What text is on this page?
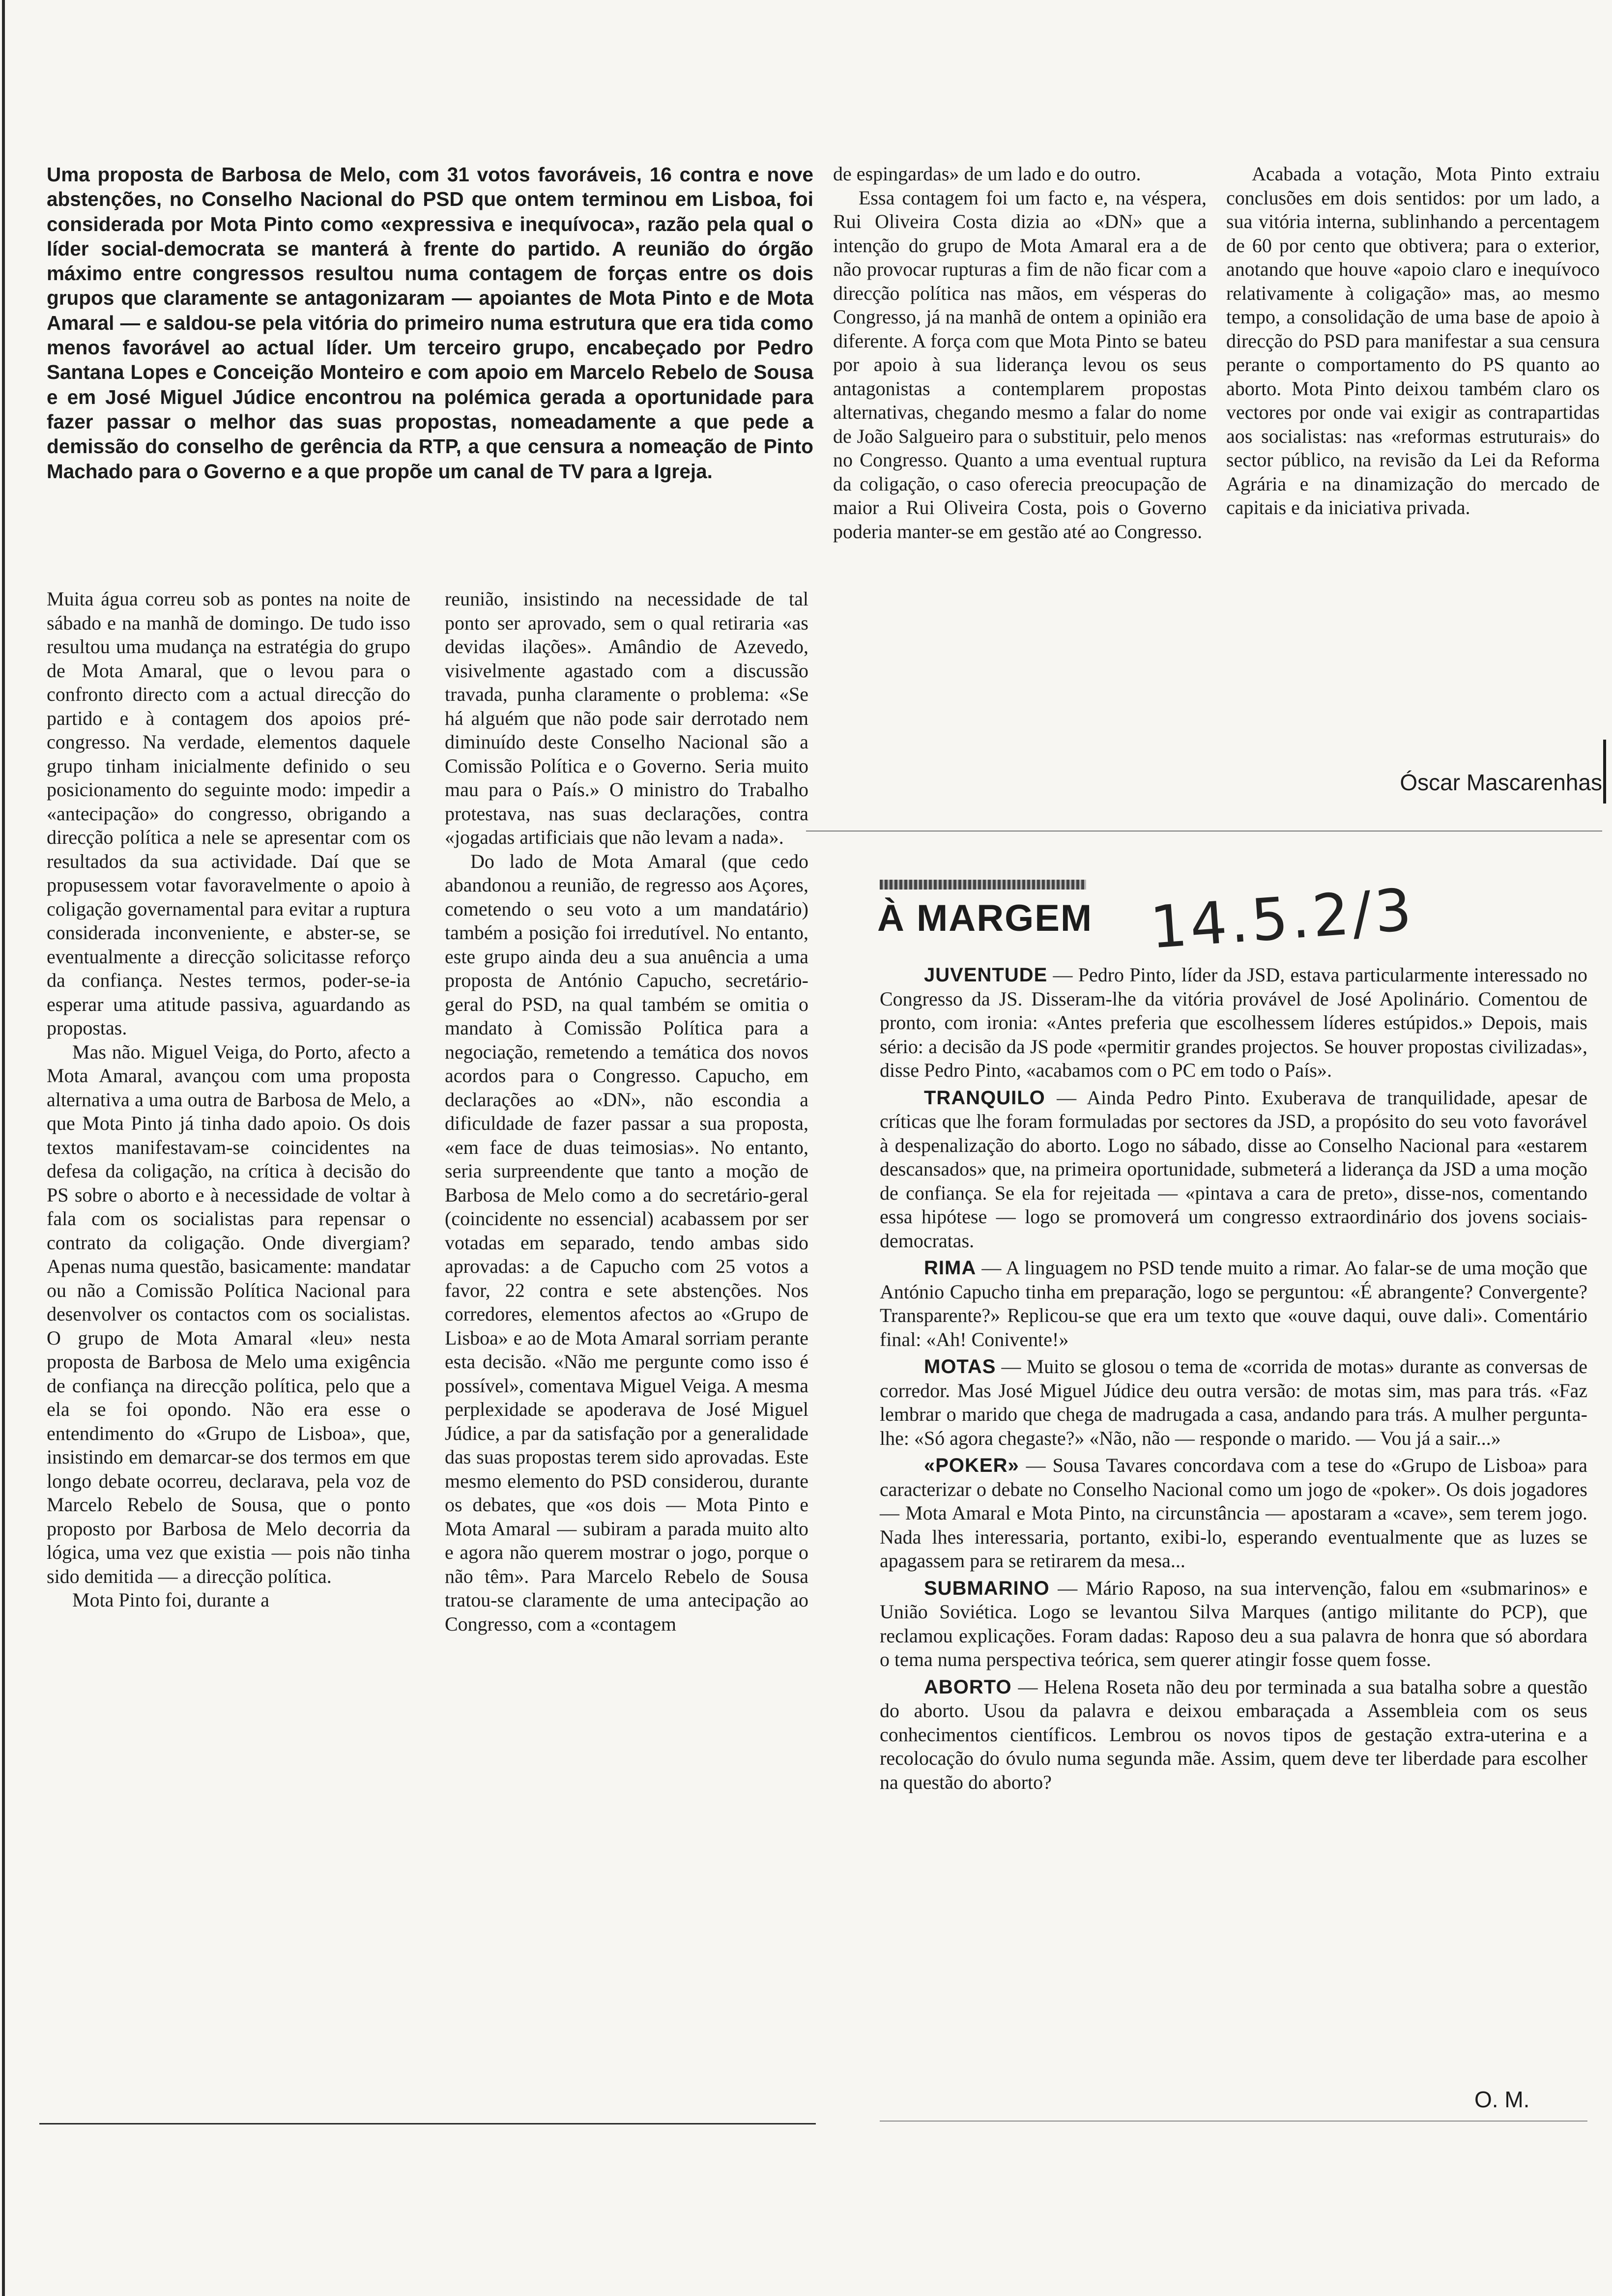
Uma proposta de Barbosa de Melo, com 31 votos favoráveis, 16 contra e nove abstenções, no Conselho Nacional do PSD que ontem terminou em Lisboa, foi considerada por Mota Pinto como «expressiva e inequívoca», razão pela qual o líder social-democrata se manterá à frente do partido. A reunião do órgão máximo entre congressos resultou numa contagem de forças entre os dois grupos que claramente se antagonizaram — apoiantes de Mota Pinto e de Mota Amaral — e saldou-se pela vitória do primeiro numa estrutura que era tida como menos favorável ao actual líder. Um terceiro grupo, encabeçado por Pedro Santana Lopes e Conceição Monteiro e com apoio em Marcelo Rebelo de Sousa e em José Miguel Júdice encontrou na polémica gerada a oportunidade para fazer passar o melhor das suas propostas, nomeadamente a que pede a demissão do conselho de gerência da RTP, a que censura a nomeação de Pinto Machado para o Governo e a que propõe um canal de TV para a Igreja.

Muita água correu sob as pontes na noite de sábado e na manhã de domingo. De tudo isso resultou uma mudança na estratégia do grupo de Mota Amaral, que o levou para o confronto directo com a actual direcção do partido e à contagem dos apoios pré-congresso. Na verdade, elementos daquele grupo tinham inicialmente definido o seu posicionamento do seguinte modo: impedir a «antecipação» do congresso, obrigando a direcção política a nele se apresentar com os resultados da sua actividade. Daí que se propusessem votar favoravelmente o apoio à coligação governamental para evitar a ruptura considerada inconveniente, e abster-se, se eventualmente a direcção solicitasse reforço da confiança. Nestes termos, poder-se-ia esperar uma atitude passiva, aguardando as propostas.

Mas não. Miguel Veiga, do Porto, afecto a Mota Amaral, avançou com uma proposta alternativa a uma outra de Barbosa de Melo, a que Mota Pinto já tinha dado apoio. Os dois textos manifestavam-se coincidentes na defesa da coligação, na crítica à decisão do PS sobre o aborto e à necessidade de voltar à fala com os socialistas para repensar o contrato da coligação. Onde divergiam? Apenas numa questão, basicamente: mandatar ou não a Comissão Política Nacional para desenvolver os contactos com os socialistas. O grupo de Mota Amaral «leu» nesta proposta de Barbosa de Melo uma exigência de confiança na direcção política, pelo que a ela se foi opondo. Não era esse o entendimento do «Grupo de Lisboa», que, insistindo em demarcar-se dos termos em que longo debate ocorreu, declarava, pela voz de Marcelo Rebelo de Sousa, que o ponto proposto por Barbosa de Melo decorria da lógica, uma vez que existia — pois não tinha sido demitida — a direcção política.

Mota Pinto foi, durante a

reunião, insistindo na necessidade de tal ponto ser aprovado, sem o qual retiraria «as devidas ilações». Amândio de Azevedo, visivelmente agastado com a discussão travada, punha claramente o problema: «Se há alguém que não pode sair derrotado nem diminuído deste Conselho Nacional são a Comissão Política e o Governo. Seria muito mau para o País.» O ministro do Trabalho protestava, nas suas declarações, contra «jogadas artificiais que não levam a nada».

Do lado de Mota Amaral (que cedo abandonou a reunião, de regresso aos Açores, cometendo o seu voto a um mandatário) também a posição foi irredutível. No entanto, este grupo ainda deu a sua anuência a uma proposta de António Capucho, secretário-geral do PSD, na qual também se omitia o mandato à Comissão Política para a negociação, remetendo a temática dos novos acordos para o Congresso. Capucho, em declarações ao «DN», não escondia a dificuldade de fazer passar a sua proposta, «em face de duas teimosias». No entanto, seria surpreendente que tanto a moção de Barbosa de Melo como a do secretário-geral (coincidente no essencial) acabassem por ser votadas em separado, tendo ambas sido aprovadas: a de Capucho com 25 votos a favor, 22 contra e sete abstenções. Nos corredores, elementos afectos ao «Grupo de Lisboa» e ao de Mota Amaral sorriam perante esta decisão. «Não me pergunte como isso é possível», comentava Miguel Veiga. A mesma perplexidade se apoderava de José Miguel Júdice, a par da satisfação por a generalidade das suas propostas terem sido aprovadas. Este mesmo elemento do PSD considerou, durante os debates, que «os dois — Mota Pinto e Mota Amaral — subiram a parada muito alto e agora não querem mostrar o jogo, porque o não têm». Para Marcelo Rebelo de Sousa tratou-se claramente de uma antecipação ao Congresso, com a «contagem

de espingardas» de um lado e do outro.

Essa contagem foi um facto e, na véspera, Rui Oliveira Costa dizia ao «DN» que a intenção do grupo de Mota Amaral era a de não provocar rupturas a fim de não ficar com a direcção política nas mãos, em vésperas do Congresso, já na manhã de ontem a opinião era diferente. A força com que Mota Pinto se bateu por apoio à sua liderança levou os seus antagonistas a contemplarem propostas alternativas, chegando mesmo a falar do nome de João Salgueiro para o substituir, pelo menos no Congresso. Quanto a uma eventual ruptura da coligação, o caso oferecia preocupação de maior a Rui Oliveira Costa, pois o Governo poderia manter-se em gestão até ao Congresso.

Acabada a votação, Mota Pinto extraiu conclusões em dois sentidos: por um lado, a sua vitória interna, sublinhando a percentagem de 60 por cento que obtivera; para o exterior, anotando que houve «apoio claro e inequívoco relativamente à coligação» mas, ao mesmo tempo, a consolidação de uma base de apoio à direcção do PSD para manifestar a sua censura perante o comportamento do PS quanto ao aborto. Mota Pinto deixou também claro os vectores por onde vai exigir as contrapartidas aos socialistas: nas «reformas estruturais» do sector público, na revisão da Lei da Reforma Agrária e na dinamização do mercado de capitais e da iniciativa privada.

Óscar Mascarenhas
À MARGEM 14.5.2/3

JUVENTUDE — Pedro Pinto, líder da JSD, estava particularmente interessado no Congresso da JS. Disseram-lhe da vitória provável de José Apolinário. Comentou de pronto, com ironia: «Antes preferia que escolhessem líderes estúpidos.» Depois, mais sério: a decisão da JS pode «permitir grandes projectos. Se houver propostas civilizadas», disse Pedro Pinto, «acabamos com o PC em todo o País».

TRANQUILO — Ainda Pedro Pinto. Exuberava de tranquilidade, apesar de críticas que lhe foram formuladas por sectores da JSD, a propósito do seu voto favorável à despenalização do aborto. Logo no sábado, disse ao Conselho Nacional para «estarem descansados» que, na primeira oportunidade, submeterá a liderança da JSD a uma moção de confiança. Se ela for rejeitada — «pintava a cara de preto», disse-nos, comentando essa hipótese — logo se promoverá um congresso extraordinário dos jovens sociais-democratas.

RIMA — A linguagem no PSD tende muito a rimar. Ao falar-se de uma moção que António Capucho tinha em preparação, logo se perguntou: «É abrangente? Convergente? Transparente?» Replicou-se que era um texto que «ouve daqui, ouve dali». Comentário final: «Ah! Conivente!»

MOTAS — Muito se glosou o tema de «corrida de motas» durante as conversas de corredor. Mas José Miguel Júdice deu outra versão: de motas sim, mas para trás. «Faz lembrar o marido que chega de madrugada a casa, andando para trás. A mulher pergunta-lhe: «Só agora chegaste?» «Não, não — responde o marido. — Vou já a sair...»

«POKER» — Sousa Tavares concordava com a tese do «Grupo de Lisboa» para caracterizar o debate no Conselho Nacional como um jogo de «poker». Os dois jogadores — Mota Amaral e Mota Pinto, na circunstância — apostaram a «cave», sem terem jogo. Nada lhes interessaria, portanto, exibi-lo, esperando eventualmente que as luzes se apagassem para se retirarem da mesa...

SUBMARINO — Mário Raposo, na sua intervenção, falou em «submarinos» e União Soviética. Logo se levantou Silva Marques (antigo militante do PCP), que reclamou explicações. Foram dadas: Raposo deu a sua palavra de honra que só abordara o tema numa perspectiva teórica, sem querer atingir fosse quem fosse.

ABORTO — Helena Roseta não deu por terminada a sua batalha sobre a questão do aborto. Usou da palavra e deixou embaraçada a Assembleia com os seus conhecimentos científicos. Lembrou os novos tipos de gestação extra-uterina e a recolocação do óvulo numa segunda mãe. Assim, quem deve ter liberdade para escolher na questão do aborto?

O. M.
